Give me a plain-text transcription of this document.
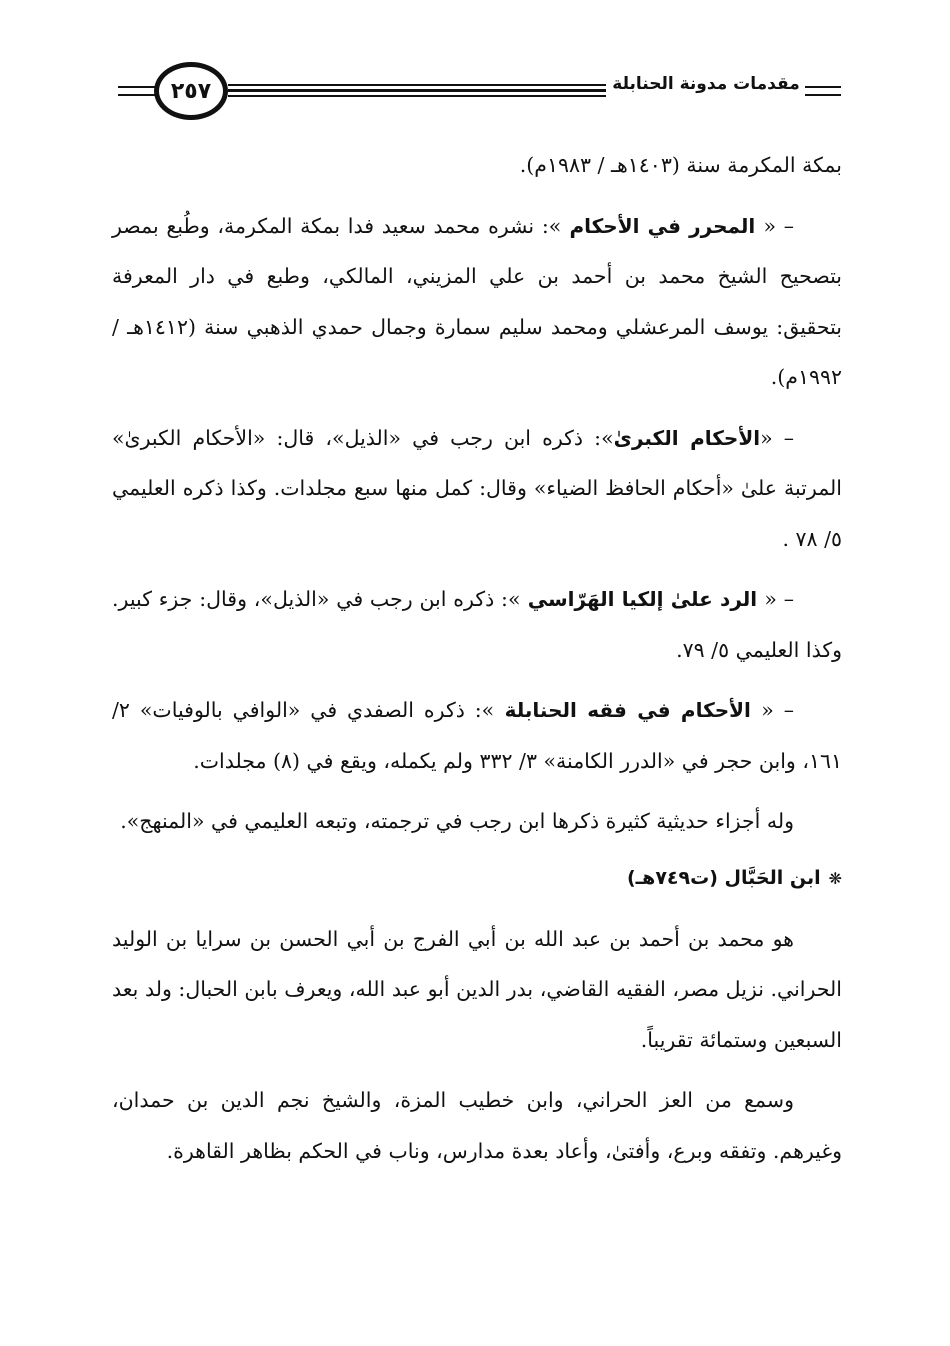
٢٥٧	مقدمات مدونة الحنابلة

بمكة المكرمة سنة (١٤٠٣هـ / ١٩٨٣م).

– « المحرر في الأحكام »: نشره محمد سعيد فدا بمكة المكرمة، وطُبع بمصر بتصحيح الشيخ محمد بن أحمد بن علي المزيني، المالكي، وطبع في دار المعرفة بتحقيق: يوسف المرعشلي ومحمد سليم سمارة وجمال حمدي الذهبي سنة (١٤١٢هـ / ١٩٩٢م).

– «الأحكام الكبرىٰ»: ذكره ابن رجب في «الذيل»، قال: «الأحكام الكبرىٰ» المرتبة علىٰ «أحكام الحافظ الضياء» وقال: كمل منها سبع مجلدات. وكذا ذكره العليمي ٥/ ٧٨ .

– « الرد علىٰ إلكيا الهَرّاسي »: ذكره ابن رجب في «الذيل»، وقال: جزء كبير. وكذا العليمي ٥/ ٧٩.

– « الأحكام في فقه الحنابلة »: ذكره الصفدي في «الوافي بالوفيات» ٢/ ١٦١، وابن حجر في «الدرر الكامنة» ٣/ ٣٣٢ ولم يكمله، ويقع في (٨) مجلدات.

وله أجزاء حديثية كثيرة ذكرها ابن رجب في ترجمته، وتبعه العليمي في «المنهج».

❋ابن الحَبَّال (ت٧٤٩هـ)

هو محمد بن أحمد بن عبد الله بن أبي الفرج بن أبي الحسن بن سرايا بن الوليد الحراني. نزيل مصر، الفقيه القاضي، بدر الدين أبو عبد الله، ويعرف بابن الحبال: ولد بعد السبعين وستمائة تقريباً.

وسمع من العز الحراني، وابن خطيب المزة، والشيخ نجم الدين بن حمدان، وغيرهم. وتفقه وبرع، وأفتىٰ، وأعاد بعدة مدارس، وناب في الحكم بظاهر القاهرة.
